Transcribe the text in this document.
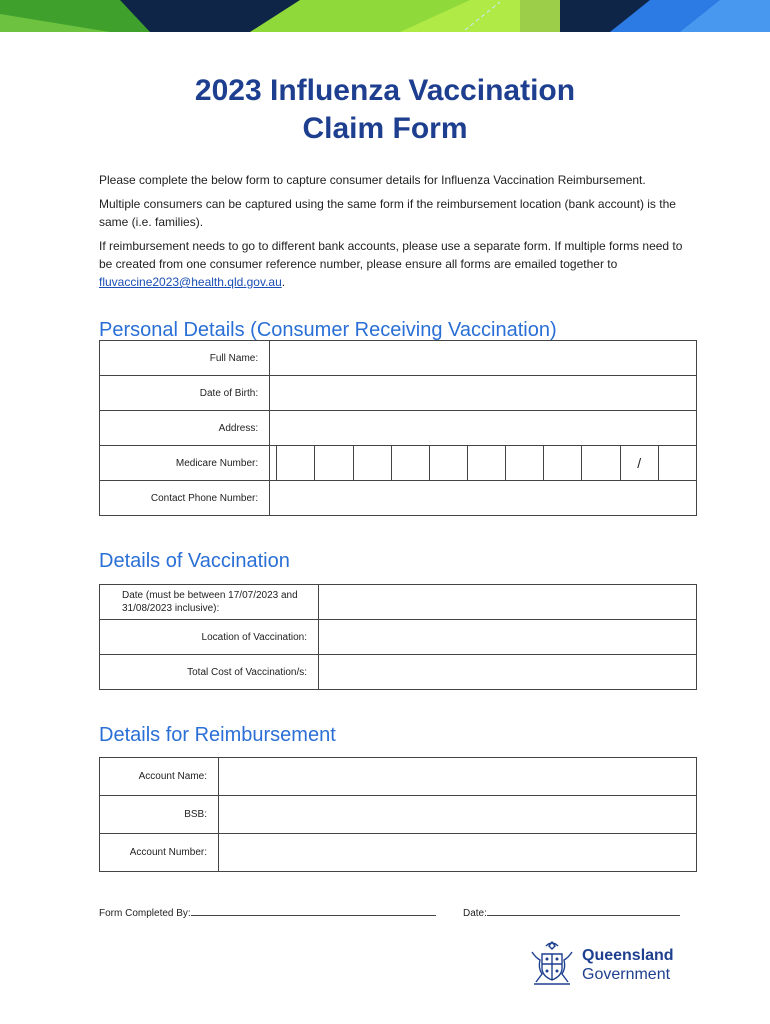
2023 Influenza Vaccination
Claim Form

Please complete the below form to capture consumer details for Influenza Vaccination Reimbursement.

Multiple consumers can be captured using the same form if the reimbursement location (bank account) is the same (i.e. families).

If reimbursement needs to go to different bank accounts, please use a separate form. If multiple forms need to be created from one consumer reference number, please ensure all forms are emailed together to fluvaccine2023@health.qld.gov.au.

Personal Details (Consumer Receiving Vaccination)
Full Name:												
Date of Birth:												
Address:												
Medicare Number:											/	
Contact Phone Number:												
Details of Vaccination
Date (must be between 17/07/2023 and 31/08/2023 inclusive):	
Location of Vaccination:	
Total Cost of Vaccination/s:	
Details for Reimbursement
Account Name:	
BSB:	
Account Number:	
Form Completed By:	Date:
Queensland
Government
